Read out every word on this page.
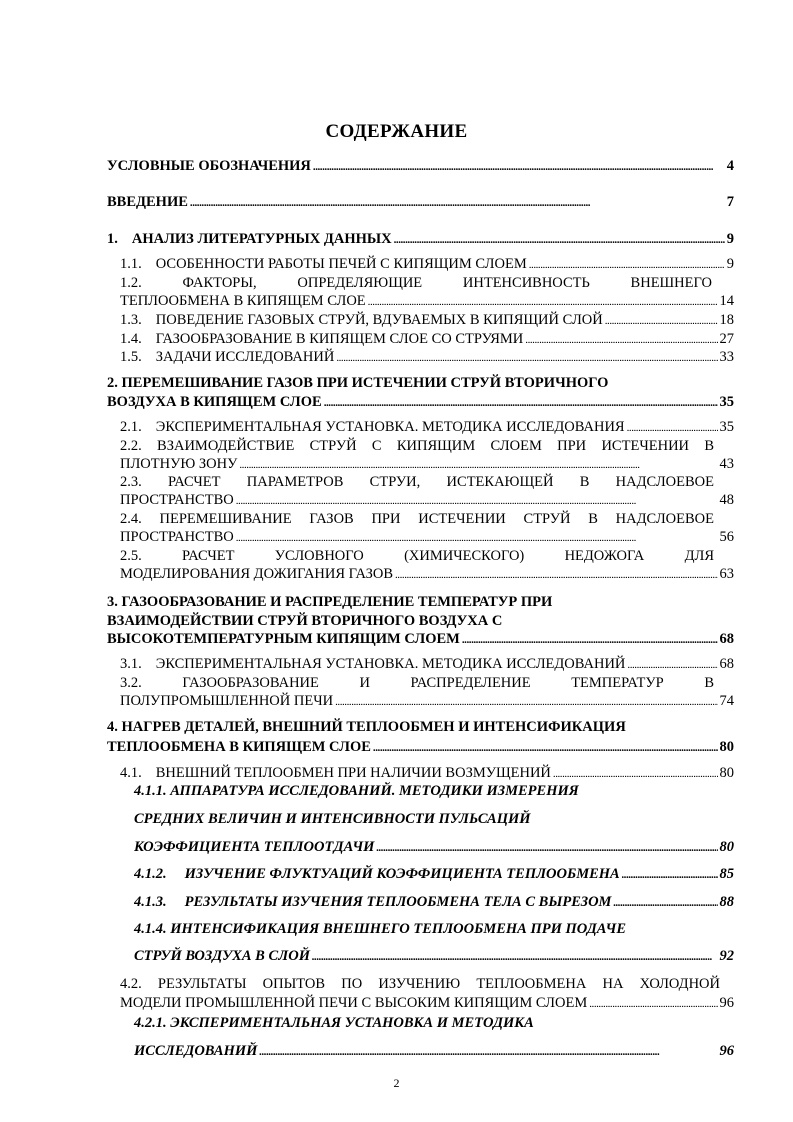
СОДЕРЖАНИЕ
УСЛОВНЫЕ ОБОЗНАЧЕНИЯ	4
ВВЕДЕНИЕ	7
1. АНАЛИЗ ЛИТЕРАТУРНЫХ ДАННЫХ	9
1.1. ОСОБЕННОСТИ РАБОТЫ ПЕЧЕЙ С КИПЯЩИМ СЛОЕМ	9
1.2. ФАКТОРЫ, ОПРЕДЕЛЯЮЩИЕ ИНТЕНСИВНОСТЬ ВНЕШНЕГО
ТЕПЛООБМЕНА В КИПЯЩЕМ СЛОЕ	14
1.3. ПОВЕДЕНИЕ ГАЗОВЫХ СТРУЙ, ВДУВАЕМЫХ В КИПЯЩИЙ СЛОЙ	18
1.4. ГАЗООБРАЗОВАНИЕ В КИПЯЩЕМ СЛОЕ СО СТРУЯМИ	27
1.5. ЗАДАЧИ ИССЛЕДОВАНИЙ	33
2. ПЕРЕМЕШИВАНИЕ ГАЗОВ ПРИ ИСТЕЧЕНИИ СТРУЙ ВТОРИЧНОГО
ВОЗДУХА В КИПЯЩЕМ СЛОЕ	35
2.1. ЭКСПЕРИМЕНТАЛЬНАЯ УСТАНОВКА. МЕТОДИКА ИССЛЕДОВАНИЯ	35
2.2. ВЗАИМОДЕЙСТВИЕ СТРУЙ С КИПЯЩИМ СЛОЕМ ПРИ ИСТЕЧЕНИИ В
ПЛОТНУЮ ЗОНУ	43
2.3. РАСЧЕТ ПАРАМЕТРОВ СТРУИ, ИСТЕКАЮЩЕЙ В НАДСЛОЕВОЕ
ПРОСТРАНСТВО	48
2.4. ПЕРЕМЕШИВАНИЕ ГАЗОВ ПРИ ИСТЕЧЕНИИ СТРУЙ В НАДСЛОЕВОЕ
ПРОСТРАНСТВО	56
2.5. РАСЧЕТ УСЛОВНОГО (ХИМИЧЕСКОГО) НЕДОЖОГА ДЛЯ
МОДЕЛИРОВАНИЯ ДОЖИГАНИЯ ГАЗОВ	63
3. ГАЗООБРАЗОВАНИЕ И РАСПРЕДЕЛЕНИЕ ТЕМПЕРАТУР ПРИ
ВЗАИМОДЕЙСТВИИ СТРУЙ ВТОРИЧНОГО ВОЗДУХА С
ВЫСОКОТЕМПЕРАТУРНЫМ КИПЯЩИМ СЛОЕМ	68
3.1. ЭКСПЕРИМЕНТАЛЬНАЯ УСТАНОВКА. МЕТОДИКА ИССЛЕДОВАНИЙ	68
3.2. ГАЗООБРАЗОВАНИЕ И РАСПРЕДЕЛЕНИЕ ТЕМПЕРАТУР В
ПОЛУПРОМЫШЛЕННОЙ ПЕЧИ	74
4. НАГРЕВ ДЕТАЛЕЙ, ВНЕШНИЙ ТЕПЛООБМЕН И ИНТЕНСИФИКАЦИЯ
ТЕПЛООБМЕНА В КИПЯЩЕМ СЛОЕ	80
4.1. ВНЕШНИЙ ТЕПЛООБМЕН ПРИ НАЛИЧИИ ВОЗМУЩЕНИЙ	80
4.1.1. АППАРАТУРА ИССЛЕДОВАНИЙ. МЕТОДИКИ ИЗМЕРЕНИЯ
СРЕДНИХ ВЕЛИЧИН И ИНТЕНСИВНОСТИ ПУЛЬСАЦИЙ
КОЭФФИЦИЕНТА ТЕПЛООТДАЧИ	80
4.1.2. ИЗУЧЕНИЕ ФЛУКТУАЦИЙ КОЭФФИЦИЕНТА ТЕПЛООБМЕНА	85
4.1.3. РЕЗУЛЬТАТЫ ИЗУЧЕНИЯ ТЕПЛООБМЕНА ТЕЛА С ВЫРЕЗОМ	88
4.1.4. ИНТЕНСИФИКАЦИЯ ВНЕШНЕГО ТЕПЛООБМЕНА ПРИ ПОДАЧЕ
СТРУЙ ВОЗДУХА В СЛОЙ	92
4.2. РЕЗУЛЬТАТЫ ОПЫТОВ ПО ИЗУЧЕНИЮ ТЕПЛООБМЕНА НА ХОЛОДНОЙ
МОДЕЛИ ПРОМЫШЛЕННОЙ ПЕЧИ С ВЫСОКИМ КИПЯЩИМ СЛОЕМ	96
4.2.1. ЭКСПЕРИМЕНТАЛЬНАЯ УСТАНОВКА И МЕТОДИКА
ИССЛЕДОВАНИЙ	96
2
